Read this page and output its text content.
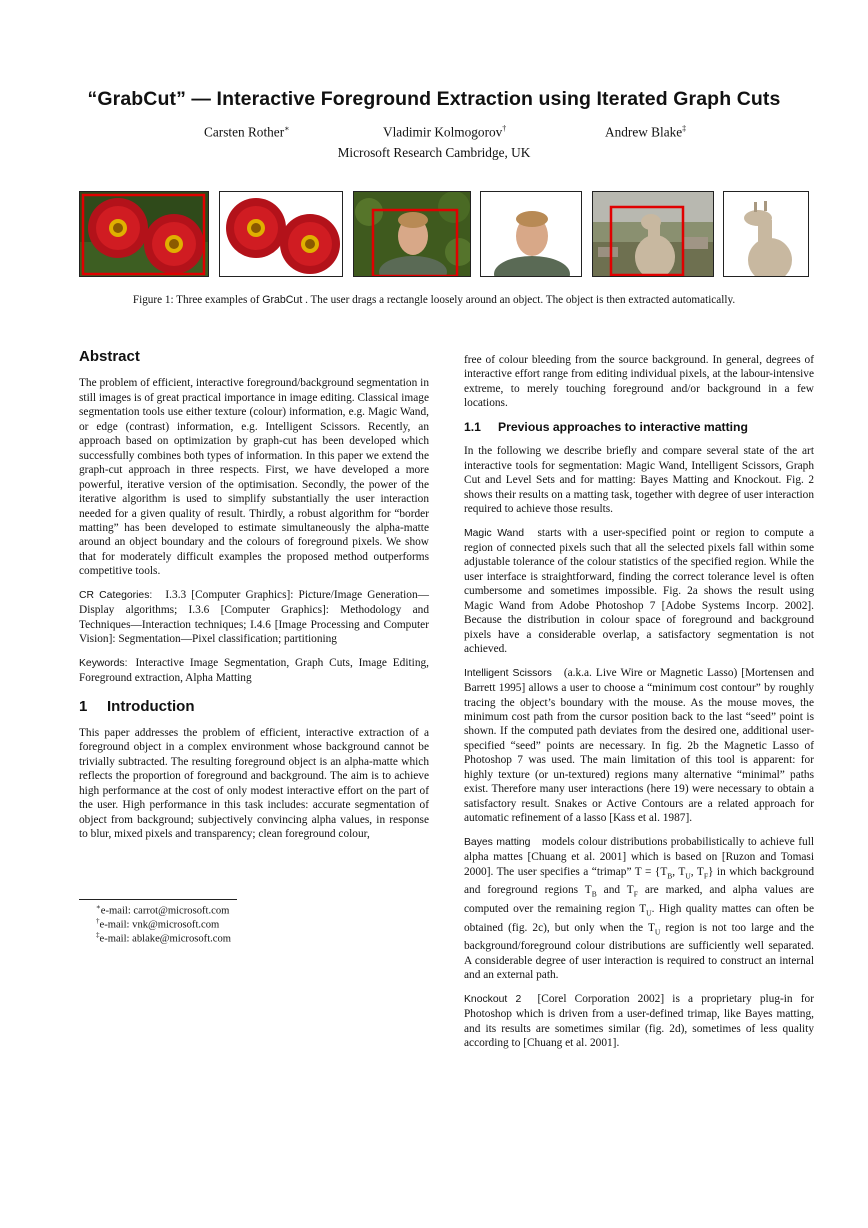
“GrabCut” — Interactive Foreground Extraction using Iterated Graph Cuts
Carsten Rother∗	Vladimir Kolmogorov†	Andrew Blake‡
Microsoft Research Cambridge, UK
Figure 1: Three examples of GrabCut . The user drags a rectangle loosely around an object. The object is then extracted automatically.
Abstract

The problem of efficient, interactive foreground/background segmentation in still images is of great practical importance in image editing. Classical image segmentation tools use either texture (colour) information, e.g. Magic Wand, or edge (contrast) information, e.g. Intelligent Scissors. Recently, an approach based on optimization by graph-cut has been developed which successfully combines both types of information. In this paper we extend the graph-cut approach in three respects. First, we have developed a more powerful, iterative version of the optimisation. Secondly, the power of the iterative algorithm is used to simplify substantially the user interaction needed for a given quality of result. Thirdly, a robust algorithm for “border matting” has been developed to estimate simultaneously the alpha-matte around an object boundary and the colours of foreground pixels. We show that for moderately difficult examples the proposed method outperforms competitive tools.

CR Categories: I.3.3 [Computer Graphics]: Picture/Image Generation—Display algorithms; I.3.6 [Computer Graphics]: Methodology and Techniques—Interaction techniques; I.4.6 [Image Processing and Computer Vision]: Segmentation—Pixel classification; partitioning

Keywords: Interactive Image Segmentation, Graph Cuts, Image Editing, Foreground extraction, Alpha Matting

1 Introduction

This paper addresses the problem of efficient, interactive extraction of a foreground object in a complex environment whose background cannot be trivially subtracted. The resulting foreground object is an alpha-matte which reflects the proportion of foreground and background. The aim is to achieve high performance at the cost of only modest interactive effort on the part of the user. High performance in this task includes: accurate segmentation of object from background; subjectively convincing alpha values, in response to blur, mixed pixels and transparency; clean foreground colour,

∗e-mail: carrot@microsoft.com
†e-mail: vnk@microsoft.com
‡e-mail: ablake@microsoft.com

free of colour bleeding from the source background. In general, degrees of interactive effort range from editing individual pixels, at the labour-intensive extreme, to merely touching foreground and/or background in a few locations.

1.1 Previous approaches to interactive matting

In the following we describe briefly and compare several state of the art interactive tools for segmentation: Magic Wand, Intelligent Scissors, Graph Cut and Level Sets and for matting: Bayes Matting and Knockout. Fig. 2 shows their results on a matting task, together with degree of user interaction required to achieve those results.

Magic Wand starts with a user-specified point or region to compute a region of connected pixels such that all the selected pixels fall within some adjustable tolerance of the colour statistics of the specified region. While the user interface is straightforward, finding the correct tolerance level is often cumbersome and sometimes impossible. Fig. 2a shows the result using Magic Wand from Adobe Photoshop 7 [Adobe Systems Incorp. 2002]. Because the distribution in colour space of foreground and background pixels have a considerable overlap, a satisfactory segmentation is not achieved.

Intelligent Scissors (a.k.a. Live Wire or Magnetic Lasso) [Mortensen and Barrett 1995] allows a user to choose a “minimum cost contour” by roughly tracing the object’s boundary with the mouse. As the mouse moves, the minimum cost path from the cursor position back to the last “seed” point is shown. If the computed path deviates from the desired one, additional user-specified “seed” points are necessary. In fig. 2b the Magnetic Lasso of Photoshop 7 was used. The main limitation of this tool is apparent: for highly texture (or un-textured) regions many alternative “minimal” paths exist. Therefore many user interactions (here 19) were necessary to obtain a satisfactory result. Snakes or Active Contours are a related approach for automatic refinement of a lasso [Kass et al. 1987].

Bayes matting models colour distributions probabilistically to achieve full alpha mattes [Chuang et al. 2001] which is based on [Ruzon and Tomasi 2000]. The user specifies a “trimap” $T = \{T_B$, $T_U$, $T_F$} in which background and foreground regions $T_B$ and $T_F$ are marked, and alpha values are computed over the remaining region $T_U$. High quality mattes can often be obtained (fig. 2c), but only when the $T_U$ region is not too large and the background/foreground colour distributions are sufficiently well separated. A considerable degree of user interaction is required to construct an internal and an external path.

Knockout 2 [Corel Corporation 2002] is a proprietary plug-in for Photoshop which is driven from a user-defined trimap, like Bayes matting, and its results are sometimes similar (fig. 2d), sometimes of less quality according to [Chuang et al. 2001].
